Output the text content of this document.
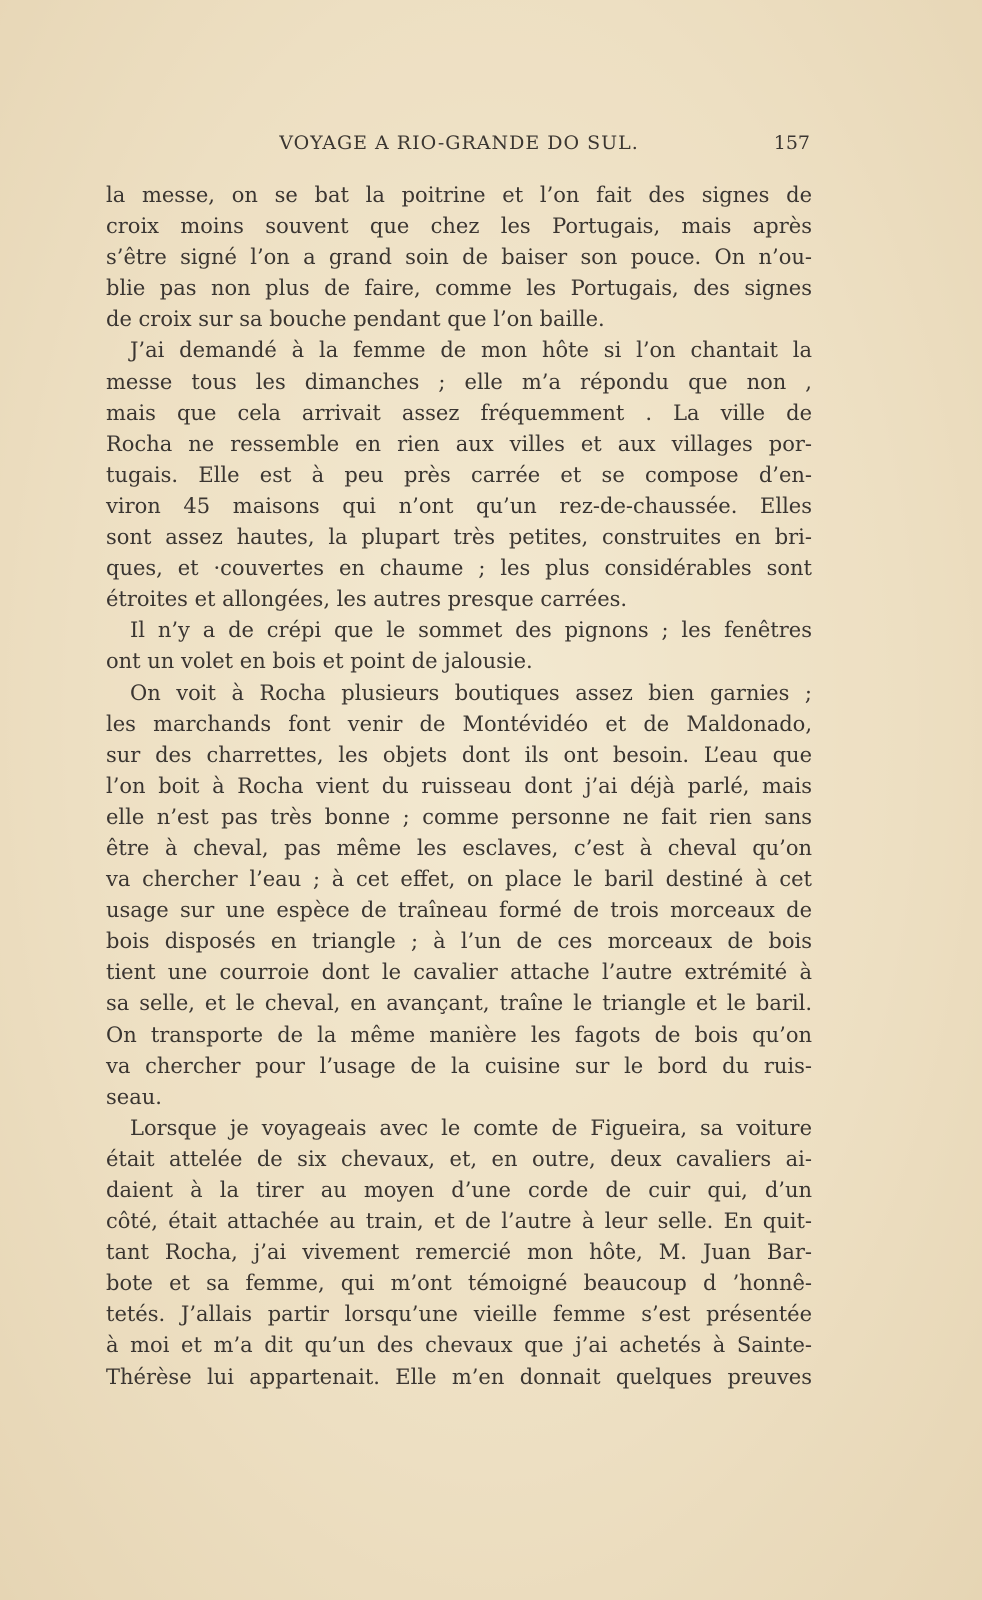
VOYAGE A RIO-GRANDE DO SUL.	157
la messe, on se bat la poitrine et l’on fait des signes de
croix moins souvent que chez les Portugais, mais après
s’être signé l’on a grand soin de baiser son pouce. On n’ou-
blie pas non plus de faire, comme les Portugais, des signes
de croix sur sa bouche pendant que l’on baille.
J’ai demandé à la femme de mon hôte si l’on chantait la
messe tous les dimanches ; elle m’a répondu que non ,
mais que cela arrivait assez fréquemment . La ville de
Rocha ne ressemble en rien aux villes et aux villages por-
tugais. Elle est à peu près carrée et se compose d’en-
viron 45 maisons qui n’ont qu’un rez-de-chaussée. Elles
sont assez hautes, la plupart très petites, construites en bri-
ques, et ·couvertes en chaume ; les plus considérables sont
étroites et allongées, les autres presque carrées.
Il n’y a de crépi que le sommet des pignons ; les fenêtres
ont un volet en bois et point de jalousie.
On voit à Rocha plusieurs boutiques assez bien garnies ;
les marchands font venir de Montévidéo et de Maldonado,
sur des charrettes, les objets dont ils ont besoin. L’eau que
l’on boit à Rocha vient du ruisseau dont j’ai déjà parlé, mais
elle n’est pas très bonne ; comme personne ne fait rien sans
être à cheval, pas même les esclaves, c’est à cheval qu’on
va chercher l’eau ; à cet effet, on place le baril destiné à cet
usage sur une espèce de traîneau formé de trois morceaux de
bois disposés en triangle ; à l’un de ces morceaux de bois
tient une courroie dont le cavalier attache l’autre extrémité à
sa selle, et le cheval, en avançant, traîne le triangle et le baril.
On transporte de la même manière les fagots de bois qu’on
va chercher pour l’usage de la cuisine sur le bord du ruis-
seau.
Lorsque je voyageais avec le comte de Figueira, sa voiture
était attelée de six chevaux, et, en outre, deux cavaliers ai-
daient à la tirer au moyen d’une corde de cuir qui, d’un
côté, était attachée au train, et de l’autre à leur selle. En quit-
tant Rocha, j’ai vivement remercié mon hôte, M. Juan Bar-
bote et sa femme, qui m’ont témoigné beaucoup d ’honnê-
tetés. J’allais partir lorsqu’une vieille femme s’est présentée
à moi et m’a dit qu’un des chevaux que j’ai achetés à Sainte-
Thérèse lui appartenait. Elle m’en donnait quelques preuves
